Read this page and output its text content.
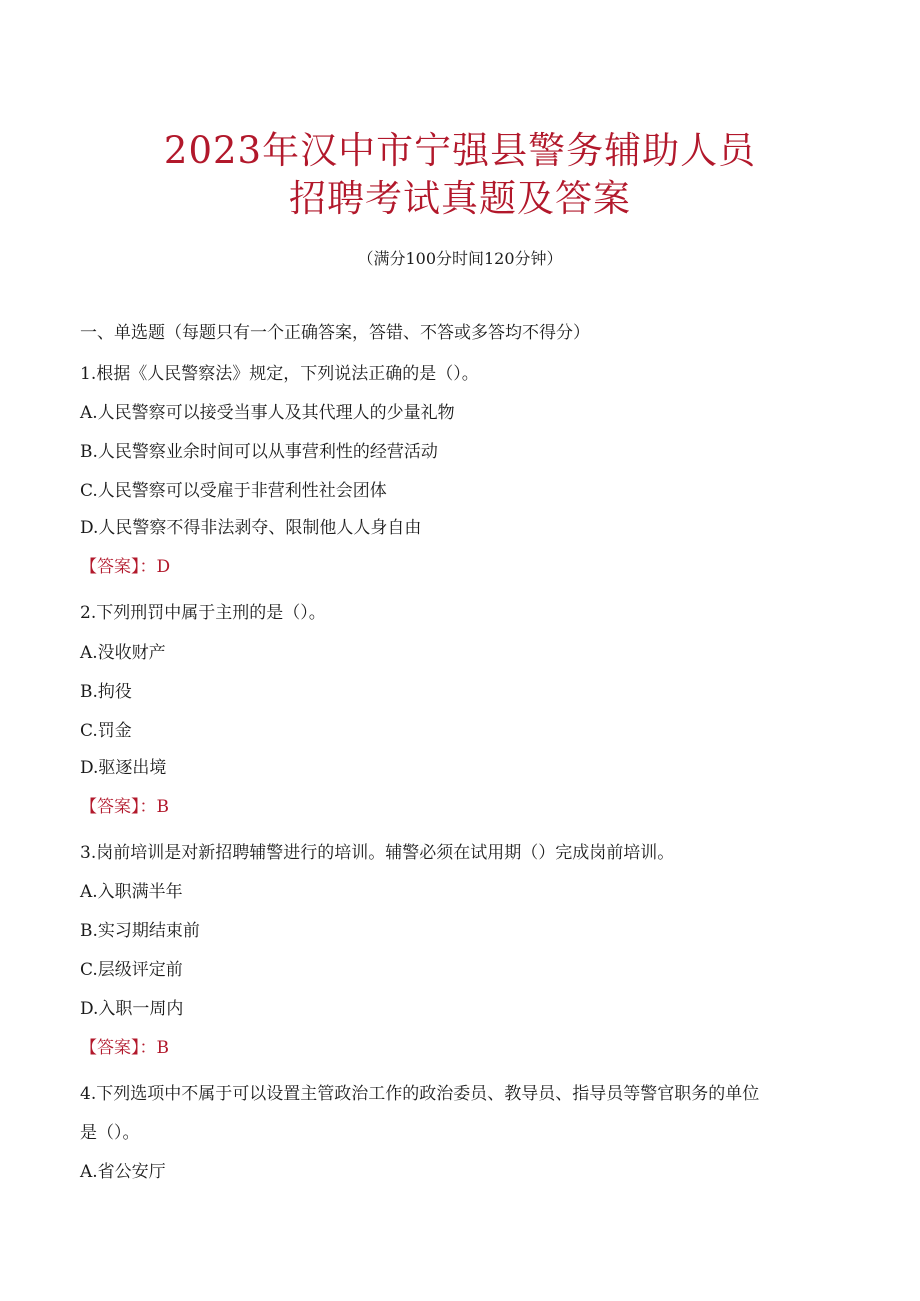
2023年汉中市宁强县警务辅助人员
招聘考试真题及答案
（满分100分时间120分钟）
一、单选题（每题只有一个正确答案，答错、不答或多答均不得分）
1.根据《人民警察法》规定，下列说法正确的是（）。
A.人民警察可以接受当事人及其代理人的少量礼物
B.人民警察业余时间可以从事营利性的经营活动
C.人民警察可以受雇于非营利性社会团体
D.人民警察不得非法剥夺、限制他人人身自由
【答案】：D
2.下列刑罚中属于主刑的是（）。
A.没收财产
B.拘役
C.罚金
D.驱逐出境
【答案】：B
3.岗前培训是对新招聘辅警进行的培训。辅警必须在试用期（）完成岗前培训。
A.入职满半年
B.实习期结束前
C.层级评定前
D.入职一周内
【答案】：B
4.下列选项中不属于可以设置主管政治工作的政治委员、教导员、指导员等警官职务的单位
是（）。
A.省公安厅
